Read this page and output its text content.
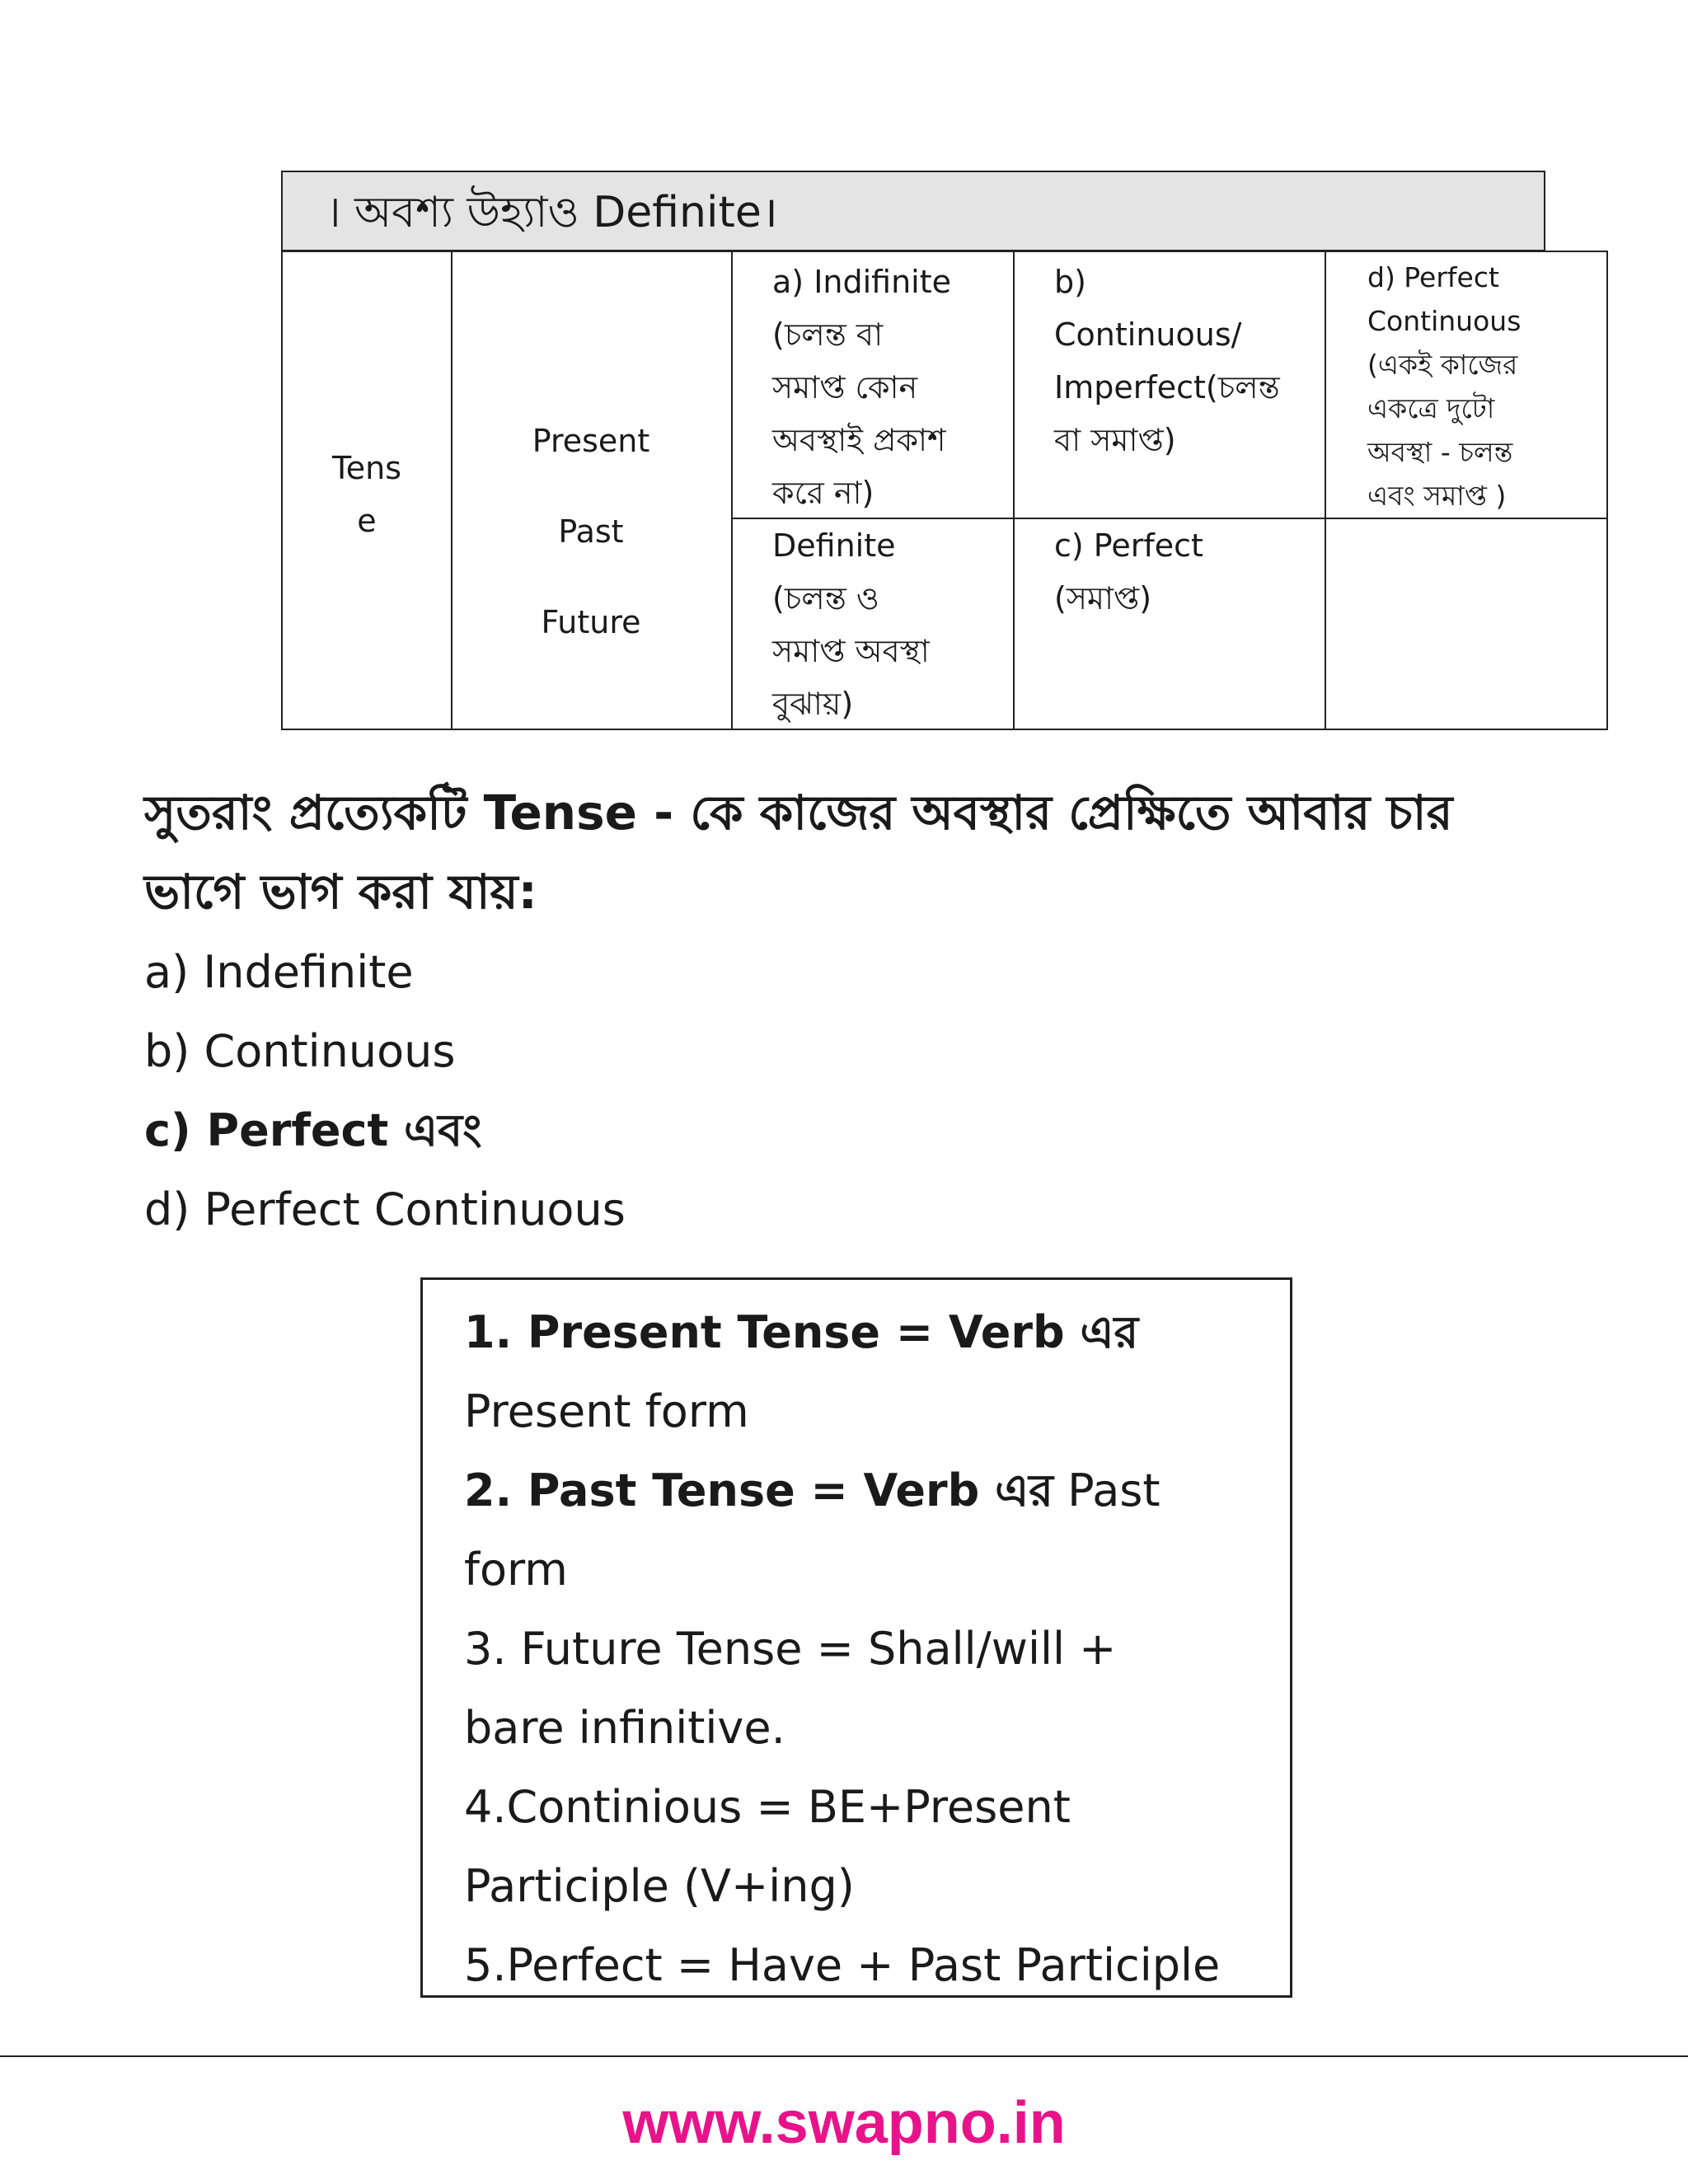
। অবশ্য উহ্যাও Definite।
Tens
e
Present
Past
Future
a) Indifinite
(চলন্ত বা
সমাপ্ত কোন
অবস্থাই প্রকাশ
করে না)
b)
Continuous/
Imperfect(চলন্ত
বা সমাপ্ত)
d) Perfect
Continuous
(একই কাজের
একত্রে দুটো
অবস্থা - চলন্ত
এবং সমাপ্ত )
Definite
(চলন্ত ও
সমাপ্ত অবস্থা
বুঝায়)
c) Perfect
(সমাপ্ত)
সুতরাং প্রত্যেকটি Tense - কে কাজের অবস্থার প্রেক্ষিতে আবার চার
ভাগে ভাগ করা যায়:
a) Indefinite
b) Continuous
c) Perfect এবং
d) Perfect Continuous
1. Present Tense = Verb এর
Present form
2. Past Tense = Verb এর Past
form
3. Future Tense = Shall/will +
bare infinitive.
4.Continious = BE+Present
Participle (V+ing)
5.Perfect = Have + Past Participle
www.swapno.in
